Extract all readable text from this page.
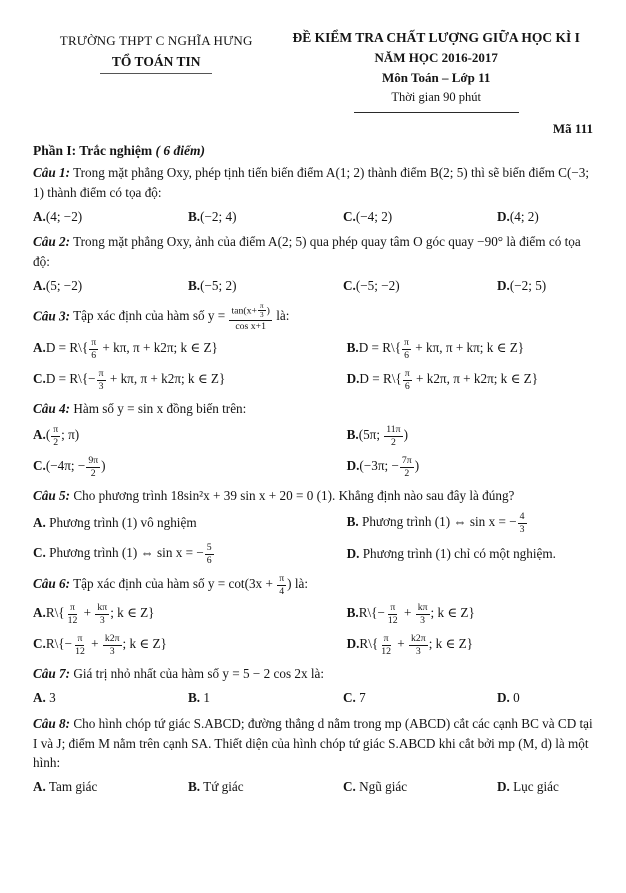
TRƯỜNG THPT C NGHĨA HƯNG
TỔ TOÁN TIN
ĐỀ KIỂM TRA CHẤT LƯỢNG GIỮA HỌC KÌ I
NĂM HỌC 2016-2017
Môn Toán – Lớp 11
Thời gian 90 phút
Mã 111
Phần I: Trắc nghiệm ( 6 điểm)

Câu 1: Trong mặt phẳng Oxy, phép tịnh tiến biến điểm A(1; 2) thành điểm B(2; 5) thì sẽ biến điểm C(−3; 1) thành điểm có tọa độ:

A.(4; −2)	B.(−2; 4)	C.(−4; 2)	D.(4; 2)

Câu 2: Trong mặt phẳng Oxy, ảnh của điểm A(2; 5) qua phép quay tâm O góc quay −90° là điểm có tọa độ:

A.(5; −2)	B.(−5; 2)	C.(−5; −2)	D.(−2; 5)

Câu 3: Tập xác định của hàm số $y = \frac{\tan(x+ \frac{\pi}{3} )}{\text{cos x+1}}$ là:

A.D = R\{ $\frac{\pi}{6} + k\pi$, π + k2π; k ∈ Z}	B.D = R\{ $\frac{\pi}{6} + k\pi$, π + kπ; k ∈ Z}
C.D = R\{− $\frac{\pi}{3} + k\pi$, π + k2π; k ∈ Z}	D.D = R\{ $\frac{\pi}{6} + k2\pi$, π + k2π; k ∈ Z}

Câu 4: Hàm số y = sin x đồng biến trên:

$A.( \frac{\pi}{2}$ ; π)	B.(5π; $\frac{11\pi}{2}$ )
C.(−4π; − $\frac{9\pi}{2}$ )	D.(−3π; − $\frac{7\pi}{2}$ )

Câu 5: Cho phương trình 18sin²x + 39 sin x + 20 = 0 (1). Khẳng định nào sau đây là đúng?

A. Phương trình (1) vô nghiệm	B. Phương trình (1) ⇔ sin x = − $\frac{4}{3}$
C. Phương trình (1) ⇔ sin x = − $\frac{5}{6}$	D. Phương trình (1) chỉ có một nghiệm.

Câu 6: Tập xác định của hàm số $y = \cot(3x + \frac{\pi}{4}$ ) là:

A.R\{ $\frac{\pi}{12} + \frac{k\pi}{3}$ ; k ∈ Z}	B.R\{− $\frac{\pi}{12} + \frac{k\pi}{3}$ ; k ∈ Z}
C.R\{− $\frac{\pi}{12} + \frac{k2\pi}{3}$ ; k ∈ Z}	D.R\{ $\frac{\pi}{12} + \frac{k2\pi}{3}$ ; k ∈ Z}

Câu 7: Giá trị nhỏ nhất của hàm số y = 5 − 2 cos 2x là:

A. 3	B. 1	C. 7	D. 0

Câu 8: Cho hình chóp tứ giác S.ABCD; đường thẳng d nằm trong mp (ABCD) cắt các cạnh BC và CD tại I và J; điểm M nằm trên cạnh SA. Thiết diện của hình chóp tứ giác S.ABCD khi cắt bởi mp (M, d) là một hình:

A. Tam giác	B. Tứ giác	C. Ngũ giác	D. Lục giác
